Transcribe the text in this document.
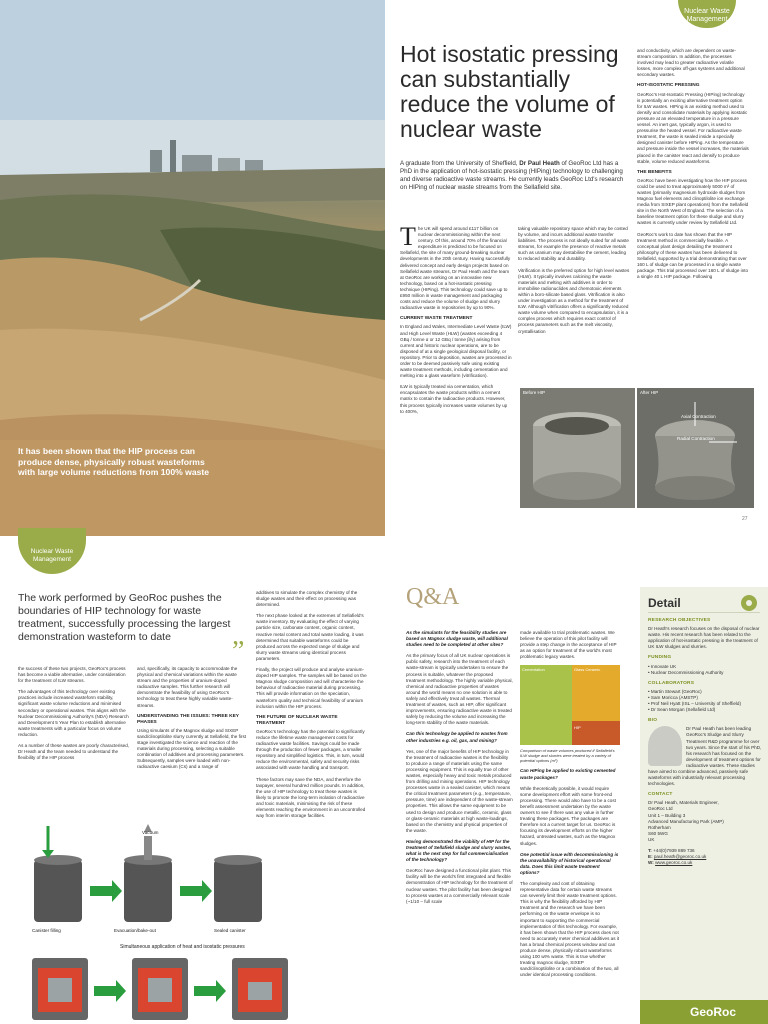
It has been shown that the HIP process can produce dense, physically robust wasteforms with large volume reductions from 100% waste
Nuclear Waste Management
Hot isostatic pressing can substantially reduce the volume of nuclear waste
A graduate from the University of Sheffield, Dr Paul Heath of GeoRoc Ltd has a PhD in the application of hot-isostatic pressing (HIPing) technology to challenging and diverse radioactive waste streams. He currently leads GeoRoc Ltd's research on HIPing of nuclear waste streams from the Sellafield site.

The UK will spend around £117 billion on nuclear decommissioning within the next century. Of this, around 70% of the financial expenditure is predicted to be focused on Sellafield, the site of many ground-breaking nuclear developments in the 20th century. Having successfully delivered concept and early design projects based on Sellafield waste streams, Dr Paul Heath and the team at GeoRoc are working on an innovative new technology, based on a hot-isostatic pressing technique (HIPing). This technology could save up to £950 million in waste management and packaging costs and reduce the volume of sludge and slurry radioactive waste in repositories by up to 90%.

CURRENT WASTE TREATMENT

In England and Wales, Intermediate Level Waste (ILW) and High Level Waste (HLW) (wastes exceeding 4 GBq / tonne α or 12 GBq / tonne β/γ) arising from current and historic nuclear operations, are to be disposed of at a single geological disposal facility, or repository. Prior to deposition, wastes are processed in order to be deemed passively safe using existing waste treatment methods, including cementation and melting into a glass waseform (vitrification).

ILW is typically treated via cementation, which encapsulates the waste products within a cement matrix to contain the radioactive products. However, this process typically increases waste volumes by up to 400%,

taking valuable repository space which may be costed by volume, and incurs additional waste transfer liabilities. The process is not ideally suited for all waste streams, for example the presence of reactive metals such as uranium may destabilise the cement, leading to reduced stability and durability.

Vitrification is the preferred option for high level wastes (HLW). It typically involves calcining the waste materials and melting with additives in order to immobilise radionuclides and chemotoxic elements within a boro-silicate based glass. Vitrification is also under investigation as a method for the treatment of ILW. Although vitrification offers a significantly reduced waste volume when compared to encapsulation, it is a complex process which requires exact control of process parameters such as the melt viscosity, crystallisation

and conductivity, which are dependent on waste-stream composition. In addition, the processes involved may lead to greater radioactive volatile losses, more complex off-gas systems and additional secondary wastes.

HOT-ISOSTATIC PRESSING

GeoRoc's Hot-Isostatic Pressing (HIPing) technology is potentially an exciting alternative treatment option for ILW wastes. HIPing is an existing method used to densify and consolidate materials by applying isostatic pressure at an elevated temperature in a pressure vessel. An inert gas, typically argon, is used to pressurise the heated vessel. For radioactive waste treatment, the waste is sealed inside a specially designed canister before HIPing. As the temperature and pressure inside the vessel increases, the materials placed in the canister react and densify to produce stable, volume reduced wasteforms.

THE BENEFITS

GeoRoc have been investigating how the HIP process could be used to treat approximately 5000 m³ of wastes (primarily magnesium hydroxide sludges from Magnox fuel elements and clinoptilolite ion exchange media from SIXEP plant operations) from the Sellafield site in the North West of England. The selection of a baseline treatment option for these sludge and slurry wastes is currently under review by Sellafield Ltd.

GeoRoc's work to date has shown that the HIP treatment method is commercially feasible. A conceptual plant design detailing the treatment philosophy of these wastes has been delivered to Sellafield, supported by a trial demonstrating that over 160 L of sludge can be processed in a single waste package. This trial processed over 160 L of sludge into a single 40 L HIP package. Following

Before HIP	After HIP
Axial Contraction
Radial Contraction
27
Nuclear Waste Management
The work performed by GeoRoc pushes the boundaries of HIP technology for waste treatment, successfully processing the largest demonstration wasteform to date	”

the success of these two projects, GeoRoc's process has become a viable alternative, under consideration for the treatment of ILW streams.

The advantages of this technology over existing practices include increased wasteform stability, significant waste volume reductions and minimised secondary or operational wastes. This aligns with the Nuclear Decommissioning Authority's (NDA) Research and Development 5 Year Plan to establish alternative waste treatments with a particular focus on volume reduction.

As a number of these wastes are poorly characterised, Dr Heath and the team needed to understand the flexibility of the HIP process

and, specifically, its capacity to accommodate the physical and chemical variations within the waste stream and the properties of uranium-doped radioactive samples. This further research will demonstrate the feasibility of using GeoRoc's technology to treat these highly variable waste-streams.

UNDERSTANDING THE ISSUES: THREE KEY PHASES

Using simulants of the Magnox sludge and SIXEP sand/clinoptilolite slurry currently at Sellafield, the first stage investigated the science and reaction of the materials during processing, selecting a suitable combination of additives and processing parameters. Subsequently, samples were loaded with non-radioactive caesium (Cs) and a range of

additives to simulate the complex chemistry of the sludge wastes and their effect on processing was determined.

The next phase looked at the extremes of Sellafield's waste inventory. By evaluating the effect of varying particle size, carbonate content, organic content, reactive metal content and total waste loading, it was determined that suitable wasteforms could be produced across the expected range of sludge and slurry waste streams using identical process parameters.

Finally, the project will produce and analyse uranium-doped HIP samples. The samples will be based on the Magnox sludge composition and will characterise the behaviour of radioactive material during processing. This will provide information on the speciation, wasteform quality and technical feasibility of uranium inclusion within the HIP process.

THE FUTURE OF NUCLEAR WASTE TREATMENT

GeoRoc's technology has the potential to significantly reduce the lifetime waste management costs for radioactive waste facilities. Savings could be made through the production of fewer packages, a smaller repository and simplified logistics. This, in turn, would reduce the environmental, safety and security risks associated with waste handling and transport.

These factors may save the NDA, and therefore the taxpayer, several hundred million pounds. In addition, the use of HIP technology to treat these wastes is likely to promote the long-term isolation of radioactive and toxic materials, minimising the risk of these elements reaching the environment in an uncontrolled way from interim storage facilities.

Vacuum
Canister filling	Evacuation/bake-out	Sealed canister
Simultaneous application of heat and isostatic pressures
Q&A

As the simulants for the feasibility studies are based on Magnox sludge waste, will additional studies need to be completed at other sites?

As the primary focus of all UK nuclear operations is public safety, research into the treatment of each waste-stream is typically undertaken to ensure the process is suitable, whatever the proposed treatment methodology. The highly variable physical, chemical and radioactive properties of wastes around the world means no one solution is able to safely and effectively treat all wastes. Thermal treatment of wastes, such as HIP, offer significant improvements, ensuring radioactive waste is treated safely by reducing the volume and increasing the long-term stability of the waste materials.

Can this technology be applied to wastes from other industries e.g. oil, gas, and mining?

Yes, one of the major benefits of HIP technology in the treatment of radioactive wastes is the flexibility to produce a range of materials using the same processing equipment. This is equally true of other wastes, especially heavy and toxic metals produced from drilling and mining operations. HIP technology processes waste in a sealed canister, which means the critical treatment parameters (e.g., temperature, pressure, time) are independent of the waste-stream properties. This allows the same equipment to be used to design and produce metallic, ceramic, glass or glass-ceramic materials at high waste-loadings, based on the chemistry and physical properties of the waste.

Having demonstrated the viability of HIP for the treatment of Sellafield sludge and slurry wastes, what is the next step for full commercialisation of the technology?

GeoRoc have designed a functional pilot plant. This facility will be the world's first integrated and flexible demonstration of HIP technology for the treatment of nuclear wastes. The pilot facility has been designed to process wastes at a commercially relevant scale (~1/10 – full scale

made available to trial problematic wastes. We believe the operation of this pilot facility will provide a step change in the acceptance of HIP as an option for treatment of the world's most problematic legacy wastes.

Cementation	Glass Ceramic
HIP

Comparison of waste volumes produced if Sellafield's ILW sludge and slurries were treated by a variety of potential options (m³)

Can HIPing be applied to existing cemented waste packages?

While theoretically possible, it would require some development effort with some front-end processing. There would also have to be a cost benefit assessment undertaken by the waste owners to see if there was any value in further treating these packages. The packages are therefore not a current target for us. GeoRoc is focusing its development efforts on the higher hazard, untreated wastes, such as the Magnox sludges.

One potential issue with decommissioning is the unavailability of historical operational data. Does this limit waste treatment options?

The complexity and cost of obtaining representative data for certain waste streams can severely limit their waste treatment options. This is why the flexibility afforded by HIP treatment and the research we have been performing on the waste envelope is so important to supporting the commercial implementation of this technology. For example, it has been shown that the HIP process does not need to accurately meter chemical additives as it has a broad chemical process window and can produce dense, physically robust wasteforms using 100 wt% waste. This is true whether treating magnox sludge, SIXEP sand/clinoptilolite or a combination of the two, all under identical processing conditions.

Detail
RESEARCH OBJECTIVES

Dr Heath's research focuses on the disposal of nuclear waste. His recent research has been related to the application of hot-isostatic pressing in the treatment of UK ILW sludges and slurries.

FUNDING

• Innovate UK
• Nuclear Decommissioning Authority

COLLABORATORS

• Martin Stewart (GeoRoc)
• Sam Moricca (AMSTP)
• Prof Neil Hyatt (ISL – University of Sheffield)
• Dr Sean Morgan (Sellafield Ltd)

BIO

Dr Paul Heath has been leading GeoRoc's Sludge and Slurry Treatment R&D programme for over two years. Since the start of his PhD, his research has focused on the development of treatment options for radioactive wastes. These studies have aimed to combine advanced, passively safe wasteforms with industrially relevant processing technologies.

CONTACT

Dr Paul Heath, Materials Engineer,
GeoRoc Ltd
Unit 1 – Building 3
Advanced Manufacturing Park (AMP)
Rotherham
S60 5WG
UK

T: +44(0)7939 889 736
E: paul.heath@georoc.co.uk
W: www.georoc.co.uk

GeoRoc
